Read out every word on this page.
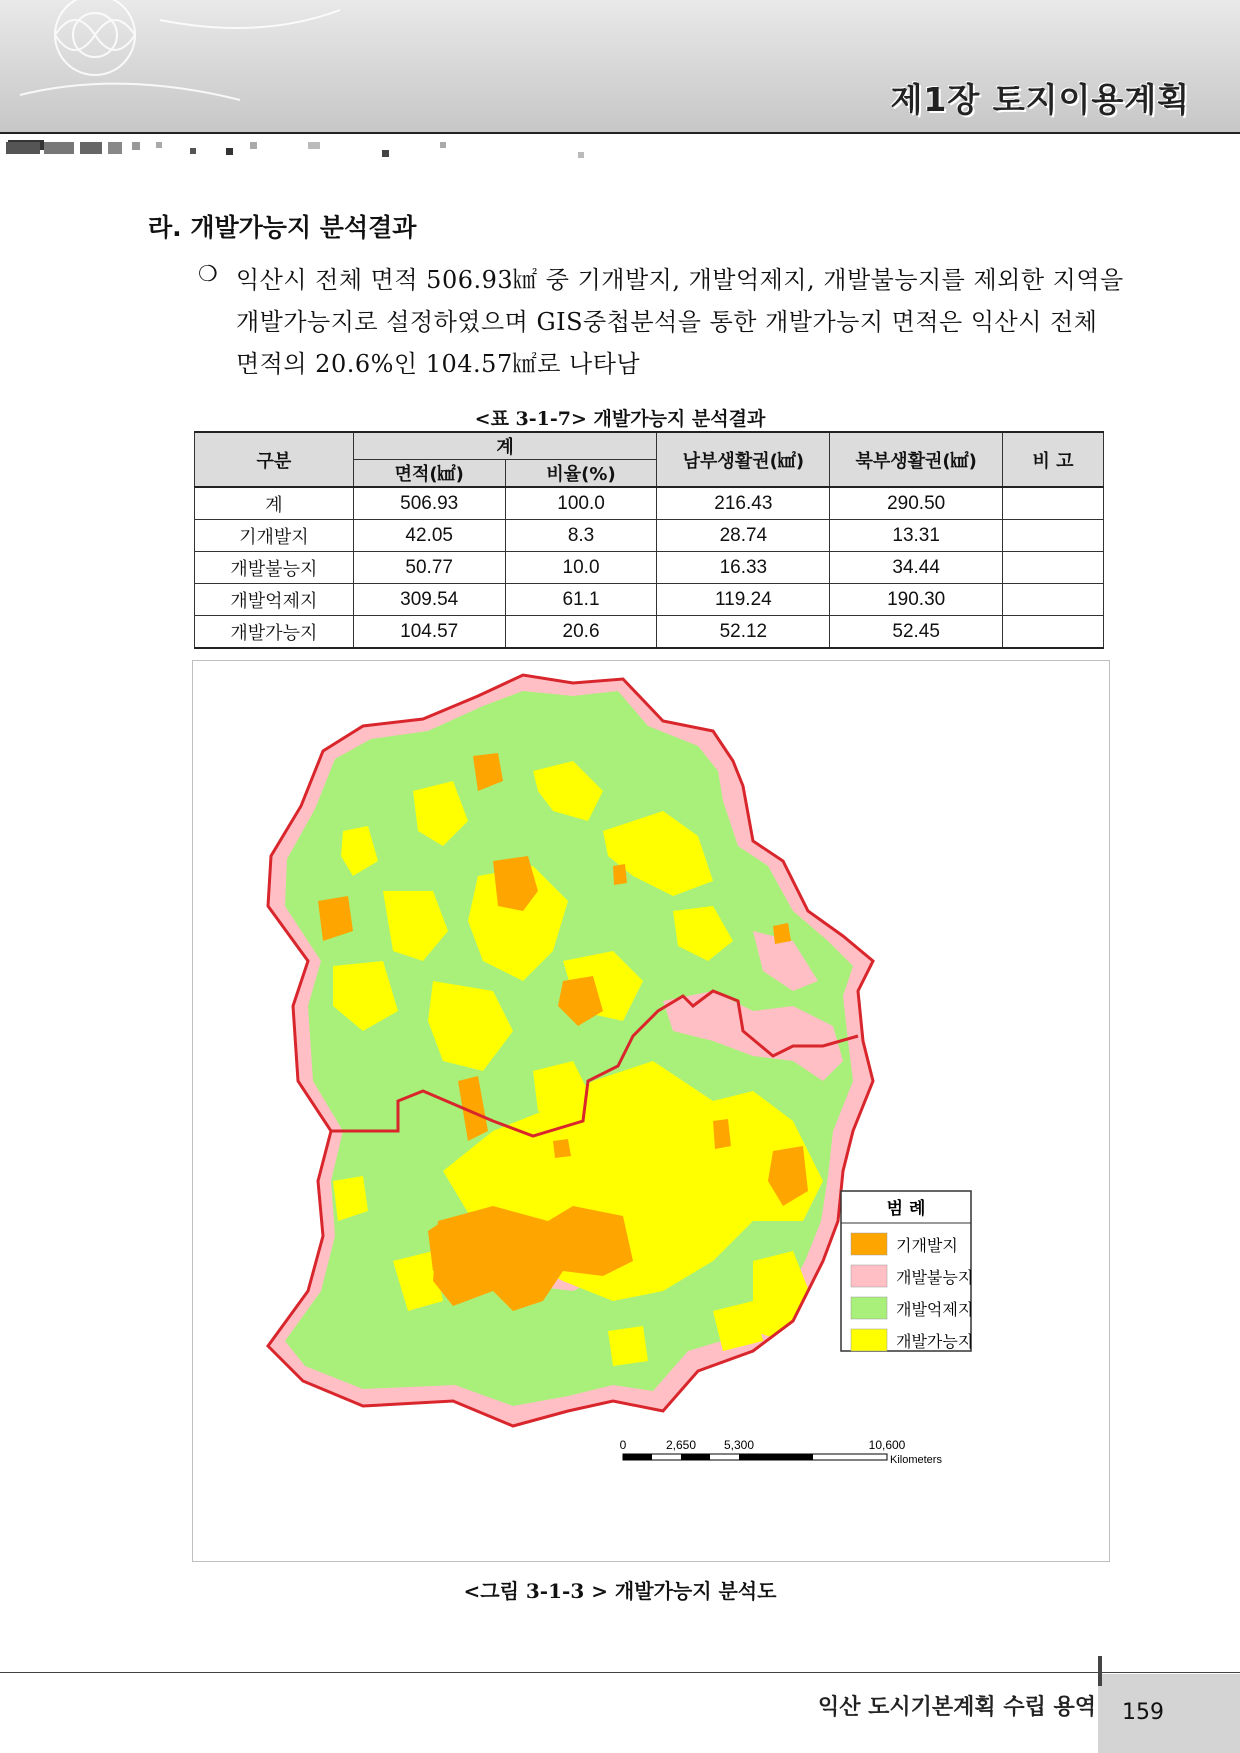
제1장 토지이용계획
라. 개발가능지 분석결과
❍ 익산시 전체 면적 506.93㎢ 중 기개발지, 개발억제지, 개발불능지를 제외한 지역을
개발가능지로 설정하였으며 GIS중첩분석을 통한 개발가능지 면적은 익산시 전체
면적의 20.6%인 104.57㎢로 나타남
<표 3-1-7> 개발가능지 분석결과
구분	계		남부생활권(㎢)	북부생활권(㎢)	비 고
	면적(㎢)	비율(%)			
계	506.93	100.0	216.43	290.50	
기개발지	42.05	8.3	28.74	13.31	
개발불능지	50.77	10.0	16.33	34.44	
개발억제지	309.54	61.1	119.24	190.30	
개발가능지	104.57	20.6	52.12	52.45	
범 례
기개발지
개발불능지
개발억제지
개발가능지
0	2,650 5,300	10,600
Kilometers
<그림 3-1-3 > 개발가능지 분석도
익산 도시기본계획 수립 용역 159
